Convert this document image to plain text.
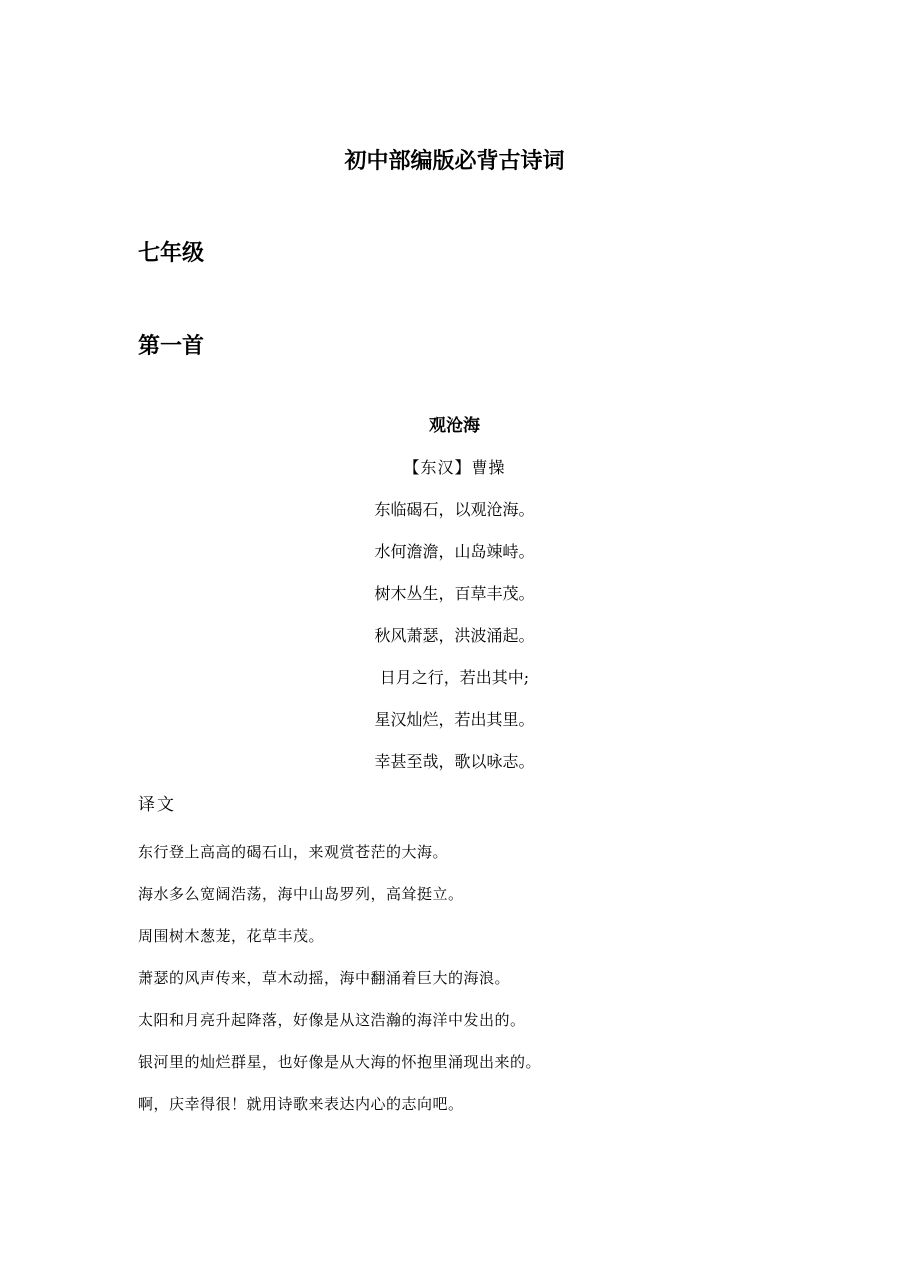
初中部编版必背古诗词
七年级
第一首
观沧海
【东汉】曹操
东临碣石，以观沧海。
水何澹澹，山岛竦峙。
树木丛生，百草丰茂。
秋风萧瑟，洪波涌起。
日月之行，若出其中;
星汉灿烂，若出其里。
幸甚至哉，歌以咏志。
译文
东行登上高高的碣石山，来观赏苍茫的大海。
海水多么宽阔浩荡，海中山岛罗列，高耸挺立。
周围树木葱茏，花草丰茂。
萧瑟的风声传来，草木动摇，海中翻涌着巨大的海浪。
太阳和月亮升起降落，好像是从这浩瀚的海洋中发出的。
银河里的灿烂群星，也好像是从大海的怀抱里涌现出来的。
啊，庆幸得很！就用诗歌来表达内心的志向吧。
